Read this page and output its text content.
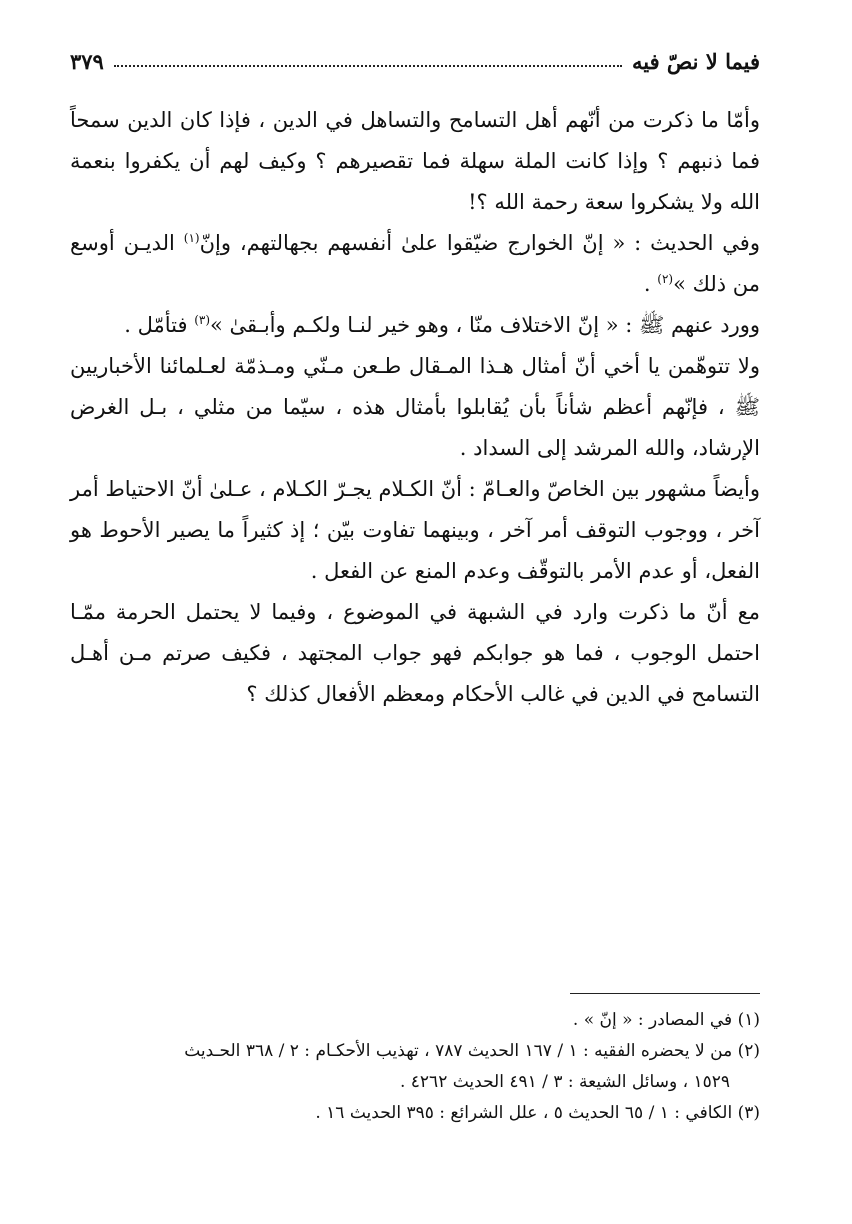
فيما لا نصّ فيه
٣٧٩

وأمّا ما ذكرت من أنّهم أهل التسامح والتساهل في الدين ، فإذا كان الدين سمحاً فما ذنبهم ؟ وإذا كانت الملة سهلة فما تقصيرهم ؟ وكيف لهم أن يكفروا بنعمة الله ولا يشكروا سعة رحمة الله ؟!

وفي الحديث : « إنّ الخوارج ضيّقوا علىٰ أنفسهم بجهالتهم، وإنّ$^{(١)}$ الديـن أوسع من ذلك »$^{(٢)}$ .

وورد عنهم ﷺ : « إنّ الاختلاف منّا ، وهو خير لنـا ولكـم وأبـقىٰ »$^{(٣)}$ فتأمّل .

ولا تتوهّمن يا أخي أنّ أمثال هـذا المـقال طـعن مـنّي ومـذمّة لعـلمائنا الأخباريين ﷺ ، فإنّهم أعظم شأناً بأن يُقابلوا بأمثال هذه ، سيّما من مثلي ، بـل الغرض الإرشاد، والله المرشد إلى السداد .

وأيضاً مشهور بين الخاصّ والعـامّ : أنّ الكـلام يجـرّ الكـلام ، عـلىٰ أنّ الاحتياط أمر آخر ، ووجوب التوقف أمر آخر ، وبينهما تفاوت بيّن ؛ إذ كثيراً ما يصير الأحوط هو الفعل، أو عدم الأمر بالتوقّف وعدم المنع عن الفعل .

مع أنّ ما ذكرت وارد في الشبهة في الموضوع ، وفيما لا يحتمل الحرمة ممّـا احتمل الوجوب ، فما هو جوابكم فهو جواب المجتهد ، فكيف صرتم مـن أهـل التسامح في الدين في غالب الأحكام ومعظم الأفعال كذلك ؟

(١) في المصادر : « إنّ » .

(٢) من لا يحضره الفقيه : ١ / ١٦٧ الحديث ٧٨٧ ، تهذيب الأحكـام : ٢ / ٣٦٨ الحـديث

١٥٢٩ ، وسائل الشيعة : ٣ / ٤٩١ الحديث ٤٢٦٢ .

(٣) الكافي : ١ / ٦٥ الحديث ٥ ، علل الشرائع : ٣٩٥ الحديث ١٦ .
